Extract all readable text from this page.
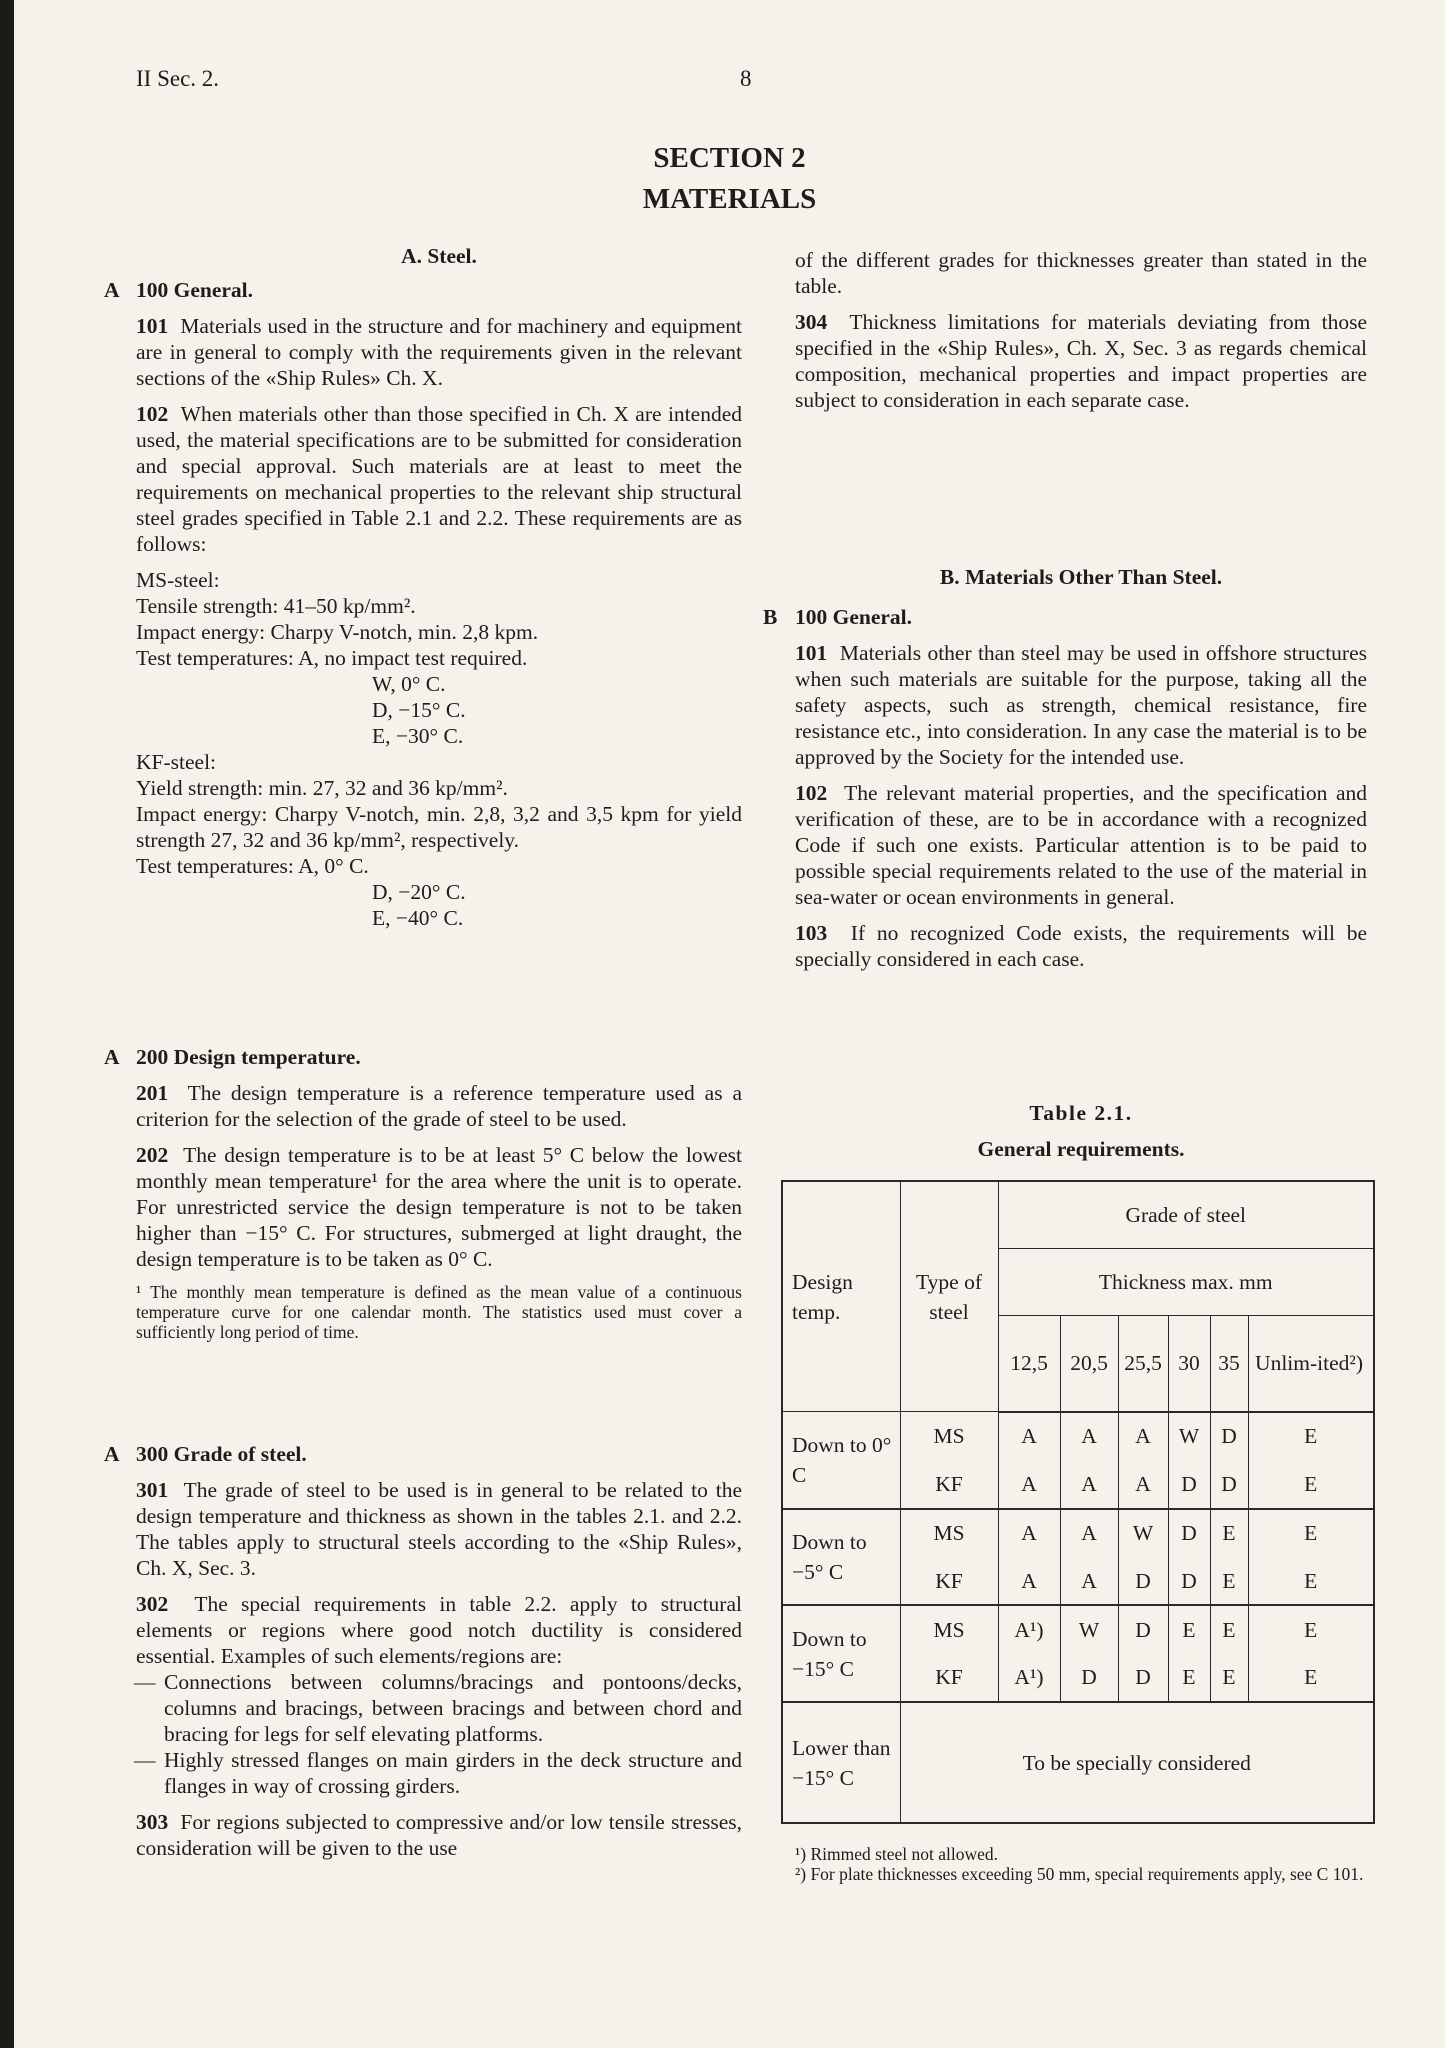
II Sec. 2.	8
SECTION 2
MATERIALS
A. Steel.
A 100 General.

101 Materials used in the structure and for machinery and equipment are in general to comply with the requirements given in the relevant sections of the «Ship Rules» Ch. X.

102 When materials other than those specified in Ch. X are intended used, the material specifications are to be submitted for consideration and special approval. Such materials are at least to meet the requirements on mechanical properties to the relevant ship structural steel grades specified in Table 2.1 and 2.2. These requirements are as follows:

MS-steel:
Tensile strength: 41–50 kp/mm².
Impact energy: Charpy V-notch, min. 2,8 kpm.
Test temperatures: A, no impact test required.
W, 0° C.
D, −15° C.
E, −30° C.
KF-steel:
Yield strength: min. 27, 32 and 36 kp/mm².

Impact energy: Charpy V-notch, min. 2,8, 3,2 and 3,5 kpm for yield strength 27, 32 and 36 kp/mm², respectively.

Test temperatures: A, 0° C.
D, −20° C.
E, −40° C.
A 200 Design temperature.

201 The design temperature is a reference temperature used as a criterion for the selection of the grade of steel to be used.

202 The design temperature is to be at least 5° C below the lowest monthly mean temperature¹ for the area where the unit is to operate. For unrestricted service the design temperature is not to be taken higher than −15° C. For structures, submerged at light draught, the design temperature is to be taken as 0° C.

¹ The monthly mean temperature is defined as the mean value of a continuous temperature curve for one calendar month. The statistics used must cover a sufficiently long period of time.

A 300 Grade of steel.

301 The grade of steel to be used is in general to be related to the design temperature and thickness as shown in the tables 2.1. and 2.2. The tables apply to structural steels according to the «Ship Rules», Ch. X, Sec. 3.

302 The special requirements in table 2.2. apply to structural elements or regions where good notch ductility is considered essential. Examples of such elements/regions are:

— Connections between columns/bracings and pontoons/decks, columns and bracings, between bracings and between chord and bracing for legs for self elevating platforms.
— Highly stressed flanges on main girders in the deck structure and flanges in way of crossing girders.

303 For regions subjected to compressive and/or low tensile stresses, consideration will be given to the use

of the different grades for thicknesses greater than stated in the table.

304 Thickness limitations for materials deviating from those specified in the «Ship Rules», Ch. X, Sec. 3 as regards chemical composition, mechanical properties and impact properties are subject to consideration in each separate case.

B. Materials Other Than Steel.
B 100 General.

101 Materials other than steel may be used in offshore structures when such materials are suitable for the purpose, taking all the safety aspects, such as strength, chemical resistance, fire resistance etc., into consideration. In any case the material is to be approved by the Society for the intended use.

102 The relevant material properties, and the specification and verification of these, are to be in accordance with a recognized Code if such one exists. Particular attention is to be paid to possible special requirements related to the use of the material in sea-water or ocean environments in general.

103 If no recognized Code exists, the requirements will be specially considered in each case.

Table 2.1.
General requirements.
Design temp.	Type of steel	Grade of steel					
		Thickness max. mm					
		12,5	20,5	25,5	30	35	Unlim-ited²)
Down to 0° C	MS	A	A	A	W	D	E
	KF	A	A	A	D	D	E
Down to −5° C	MS	A	A	W	D	E	E
	KF	A	A	D	D	E	E
Down to −15° C	MS	A¹)	W	D	E	E	E
	KF	A¹)	D	D	E	E	E
Lower than −15° C	To be specially considered						

¹) Rimmed steel not allowed.

²) For plate thicknesses exceeding 50 mm, special requirements apply, see C 101.
